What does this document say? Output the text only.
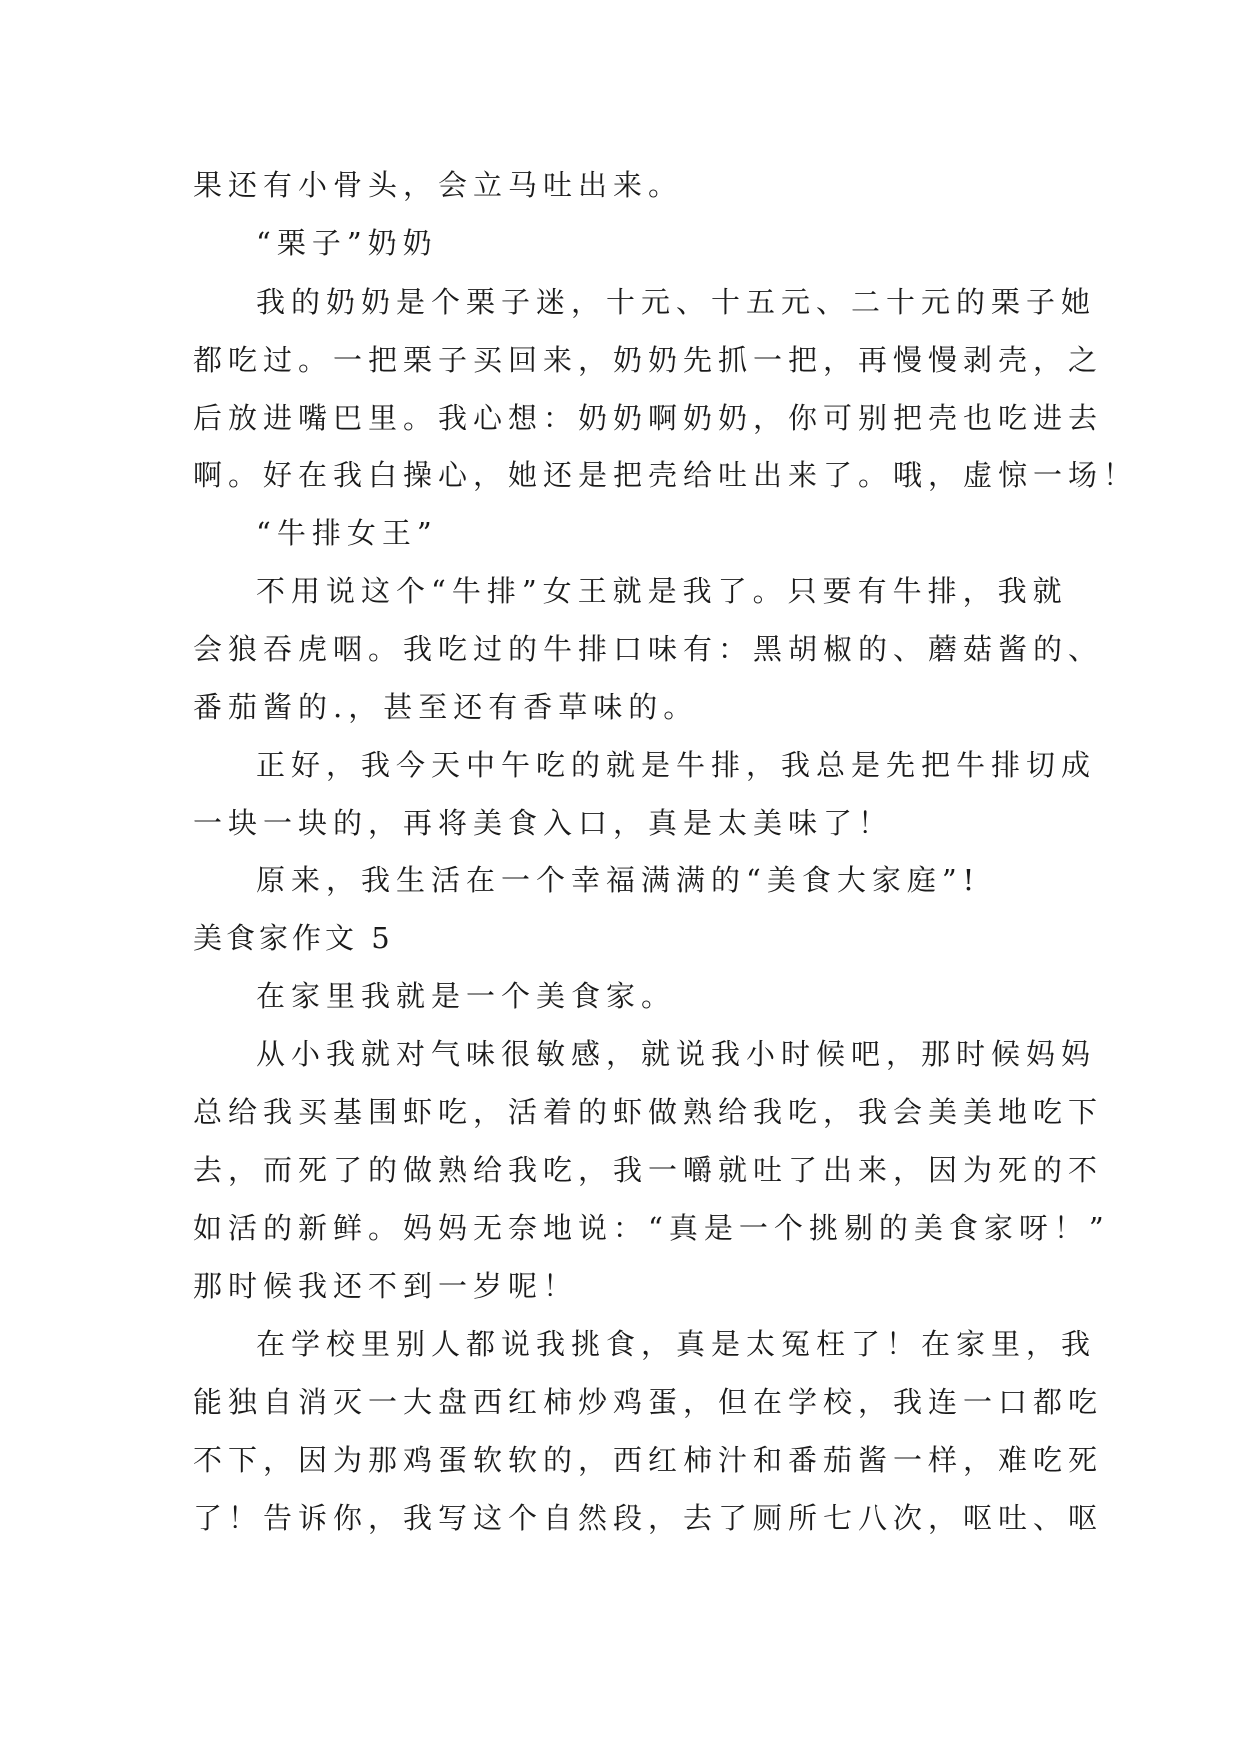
果还有小骨头，会立马吐出来。
“栗子”奶奶
我的奶奶是个栗子迷，十元、十五元、二十元的栗子她
都吃过。一把栗子买回来，奶奶先抓一把，再慢慢剥壳，之
后放进嘴巴里。我心想：奶奶啊奶奶，你可别把壳也吃进去
啊。好在我白操心，她还是把壳给吐出来了。哦，虚惊一场！
“牛排女王”
不用说这个“牛排”女王就是我了。只要有牛排，我就
会狼吞虎咽。我吃过的牛排口味有：黑胡椒的、蘑菇酱的、
番茄酱的.，甚至还有香草味的。
正好，我今天中午吃的就是牛排，我总是先把牛排切成
一块一块的，再将美食入口，真是太美味了！
原来，我生活在一个幸福满满的“美食大家庭”!
美食家作文 5
在家里我就是一个美食家。
从小我就对气味很敏感，就说我小时候吧，那时候妈妈
总给我买基围虾吃，活着的虾做熟给我吃，我会美美地吃下
去，而死了的做熟给我吃，我一嚼就吐了出来，因为死的不
如活的新鲜。妈妈无奈地说：“真是一个挑剔的美食家呀！”
那时候我还不到一岁呢！
在学校里别人都说我挑食，真是太冤枉了！在家里，我
能独自消灭一大盘西红柿炒鸡蛋，但在学校，我连一口都吃
不下，因为那鸡蛋软软的，西红柿汁和番茄酱一样，难吃死
了！告诉你，我写这个自然段，去了厕所七八次，呕吐、呕
